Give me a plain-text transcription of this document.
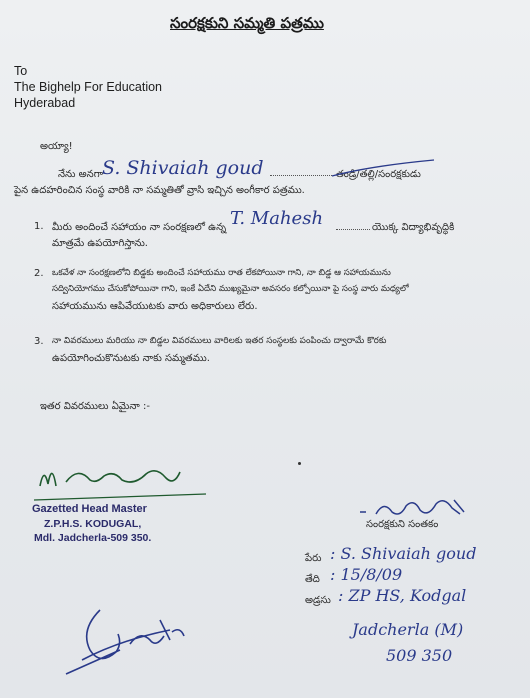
సంరక్షకుని సమ్మతి పత్రము
To
The Bighelp For Education
Hyderabad
అయ్యా!
నేను అనగా S. Shivaiah goud	తండ్రి/తల్లి/సంరక్షకుడు
పైన ఉదహరించిన సంస్థ వారికి నా సమ్మతితో వ్రాసి ఇచ్చిన అంగీకార పత్రము.
1. మీరు అందించే సహాయం నా సంరక్షణలో ఉన్న T. Mahesh	యొక్క విద్యాభివృద్ధికి
మాత్రమే ఉపయోగిస్తాను.
2. ఒకవేళ నా సంరక్షణలోని బిడ్డకు అందించే సహాయము రాత లేకపోయినా గాని, నా బిడ్డ ఆ సహాయమును
సద్వినియోగము చేసుకోపోయినా గాని, ఇంకే ఏదేని ముఖ్యమైనా అవసరం కల్పోయినా పై సంస్థ వారు మధ్యలో
సహాయమును ఆపివేయుటకు వారు అధికారులు లేరు.
3. నా వివరములు మరియు నా బిడ్డల వివరములు వారిలకు ఇతర సంస్థలకు పంపించు ద్వారామే కొరకు
ఉపయోగించుకొనుటకు నాకు సమ్మతము.
ఇతర వివరములు ఏమైనా :-
Gazetted Head Master
Z.P.H.S. KODUGAL,
Mdl. Jadcherla-509 350.
సంరక్షకుని సంతకం
పేరు : S. Shivaiah goud
తేది : 15/8/09
అడ్రసు : ZP HS, Kodgal
Jadcherla (M)
509 350
